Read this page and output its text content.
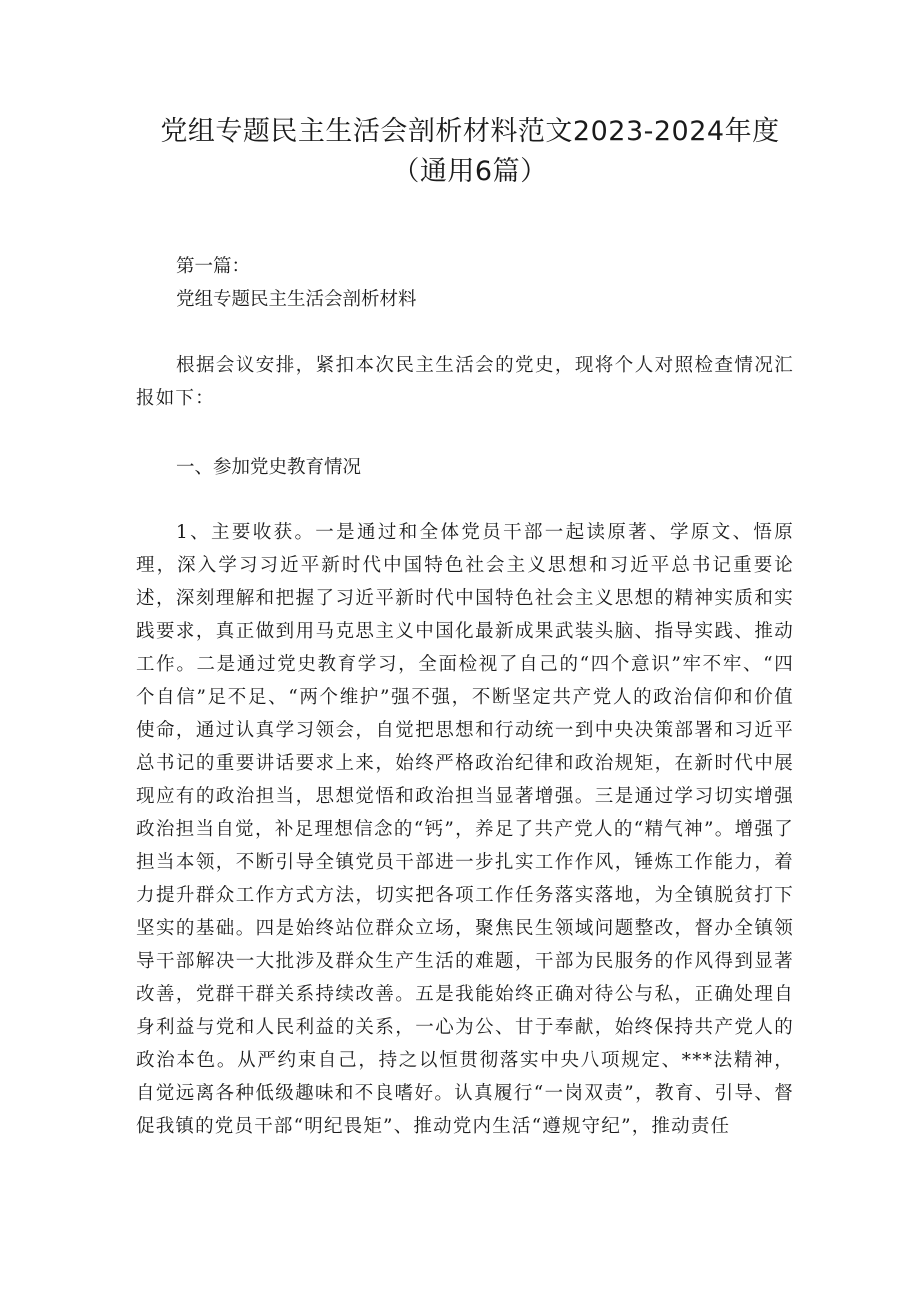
党组专题民主生活会剖析材料范文2023-2024年度（通用6篇）

第一篇：

党组专题民主生活会剖析材料

根据会议安排，紧扣本次民主生活会的党史，现将个人对照检查情况汇报如下：

一、参加党史教育情况

1、主要收获。一是通过和全体党员干部一起读原著、学原文、悟原理，深入学习习近平新时代中国特色社会主义思想和习近平总书记重要论述，深刻理解和把握了习近平新时代中国特色社会主义思想的精神实质和实践要求，真正做到用马克思主义中国化最新成果武装头脑、指导实践、推动工作。二是通过党史教育学习，全面检视了自己的“四个意识”牢不牢、“四个自信”足不足、“两个维护”强不强，不断坚定共产党人的政治信仰和价值使命，通过认真学习领会，自觉把思想和行动统一到中央决策部署和习近平总书记的重要讲话要求上来，始终严格政治纪律和政治规矩，在新时代中展现应有的政治担当，思想觉悟和政治担当显著增强。三是通过学习切实增强政治担当自觉，补足理想信念的“钙”，养足了共产党人的“精气神”。增强了担当本领，不断引导全镇党员干部进一步扎实工作作风，锤炼工作能力，着力提升群众工作方式方法，切实把各项工作任务落实落地，为全镇脱贫打下坚实的基础。四是始终站位群众立场，聚焦民生领域问题整改，督办全镇领导干部解决一大批涉及群众生产生活的难题，干部为民服务的作风得到显著改善，党群干群关系持续改善。五是我能始终正确对待公与私，正确处理自身利益与党和人民利益的关系，一心为公、甘于奉献，始终保持共产党人的政治本色。从严约束自己，持之以恒贯彻落实中央八项规定、***法精神，自觉远离各种低级趣味和不良嗜好。认真履行“一岗双责”，教育、引导、督促我镇的党员干部“明纪畏矩”、推动党内生活“遵规守纪”，推动责任
